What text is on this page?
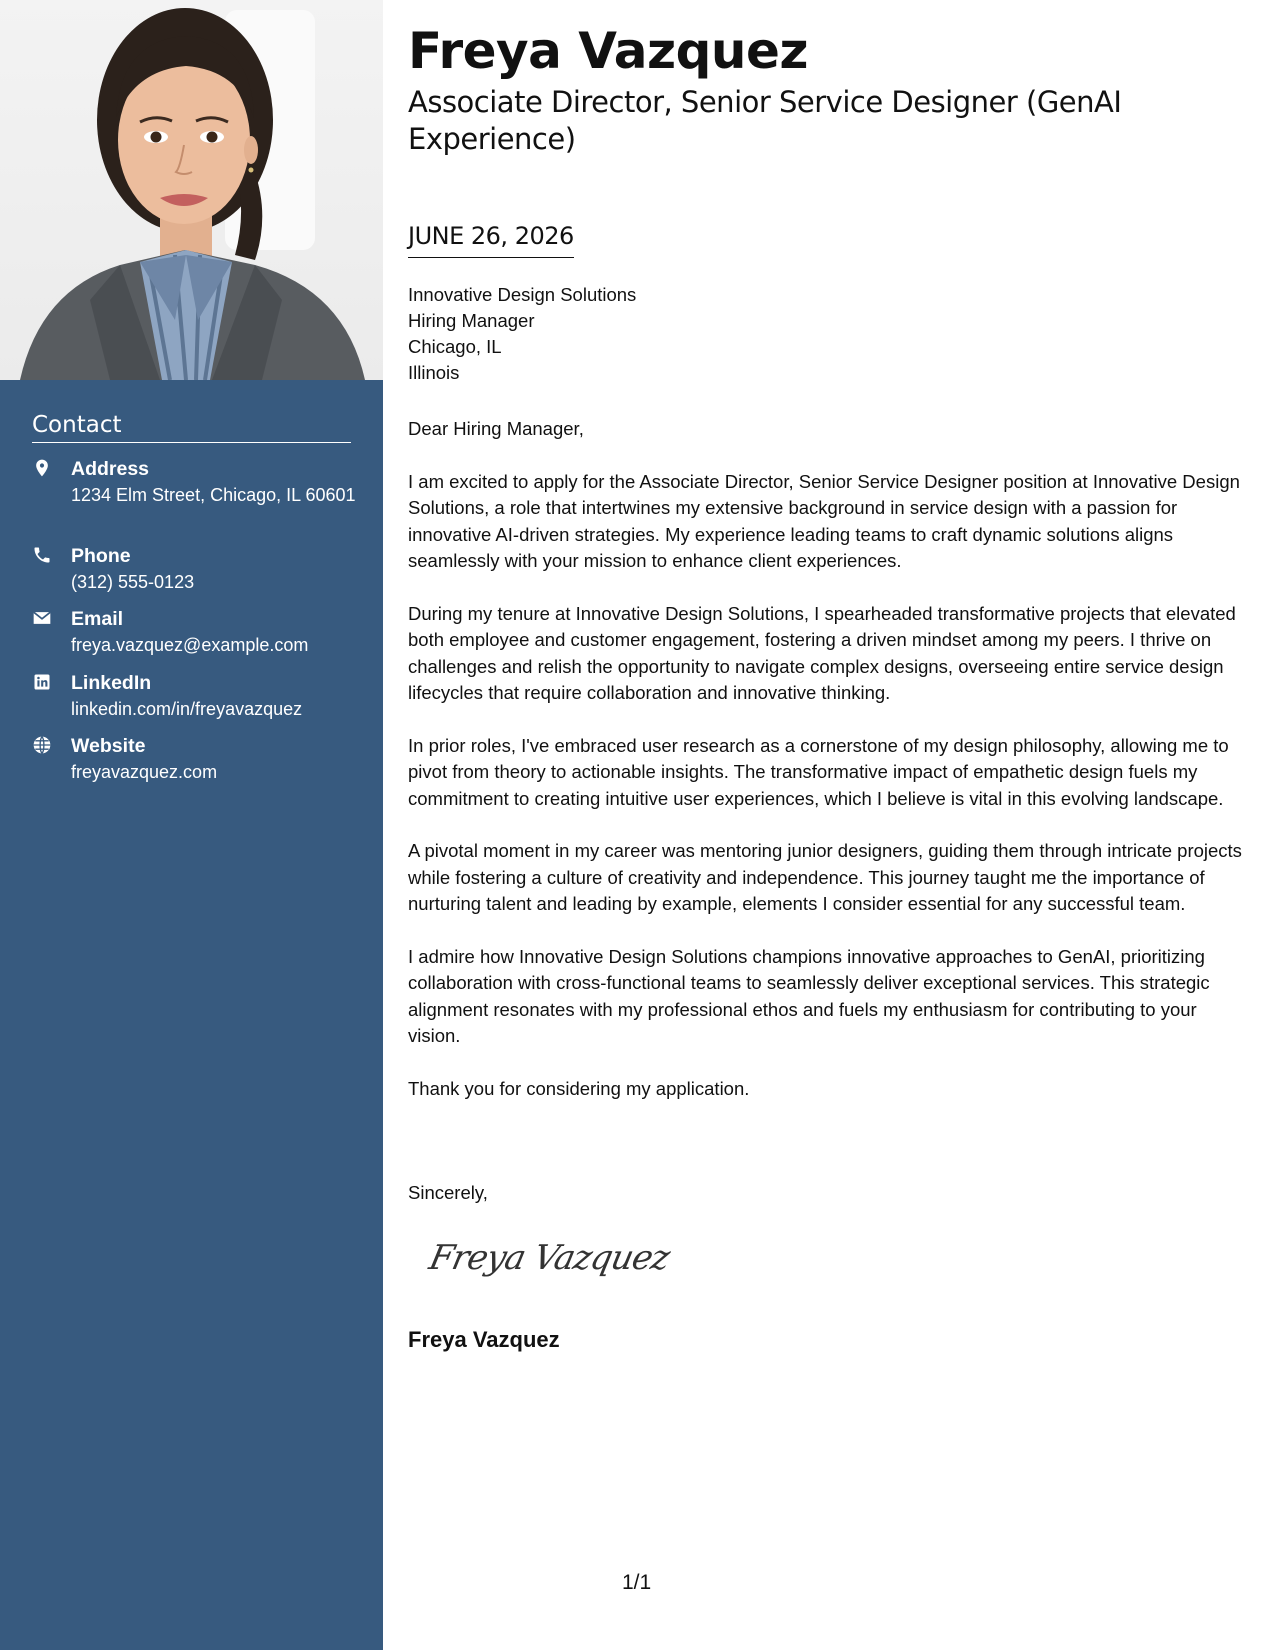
Contact
Address
1234 Elm Street, Chicago, IL 60601
Phone
(312) 555-0123
Email
freya.vazquez@example.com
LinkedIn
linkedin.com/in/freyavazquez
Website
freyavazquez.com
Freya Vazquez
Associate Director, Senior Service Designer (GenAI Experience)
JUNE 26, 2026
Innovative Design Solutions
Hiring Manager
Chicago, IL
Illinois

Dear Hiring Manager,

I am excited to apply for the Associate Director, Senior Service Designer position at Innovative Design Solutions, a role that intertwines my extensive background in service design with a passion for innovative AI-driven strategies. My experience leading teams to craft dynamic solutions aligns seamlessly with your mission to enhance client experiences.

During my tenure at Innovative Design Solutions, I spearheaded transformative projects that elevated both employee and customer engagement, fostering a driven mindset among my peers. I thrive on challenges and relish the opportunity to navigate complex designs, overseeing entire service design lifecycles that require collaboration and innovative thinking.

In prior roles, I've embraced user research as a cornerstone of my design philosophy, allowing me to pivot from theory to actionable insights. The transformative impact of empathetic design fuels my commitment to creating intuitive user experiences, which I believe is vital in this evolving landscape.

A pivotal moment in my career was mentoring junior designers, guiding them through intricate projects while fostering a culture of creativity and independence. This journey taught me the importance of nurturing talent and leading by example, elements I consider essential for any successful team.

I admire how Innovative Design Solutions champions innovative approaches to GenAI, prioritizing collaboration with cross-functional teams to seamlessly deliver exceptional services. This strategic alignment resonates with my professional ethos and fuels my enthusiasm for contributing to your vision.

Thank you for considering my application.

Sincerely,
Freya Vazquez
Freya Vazquez
1/1
